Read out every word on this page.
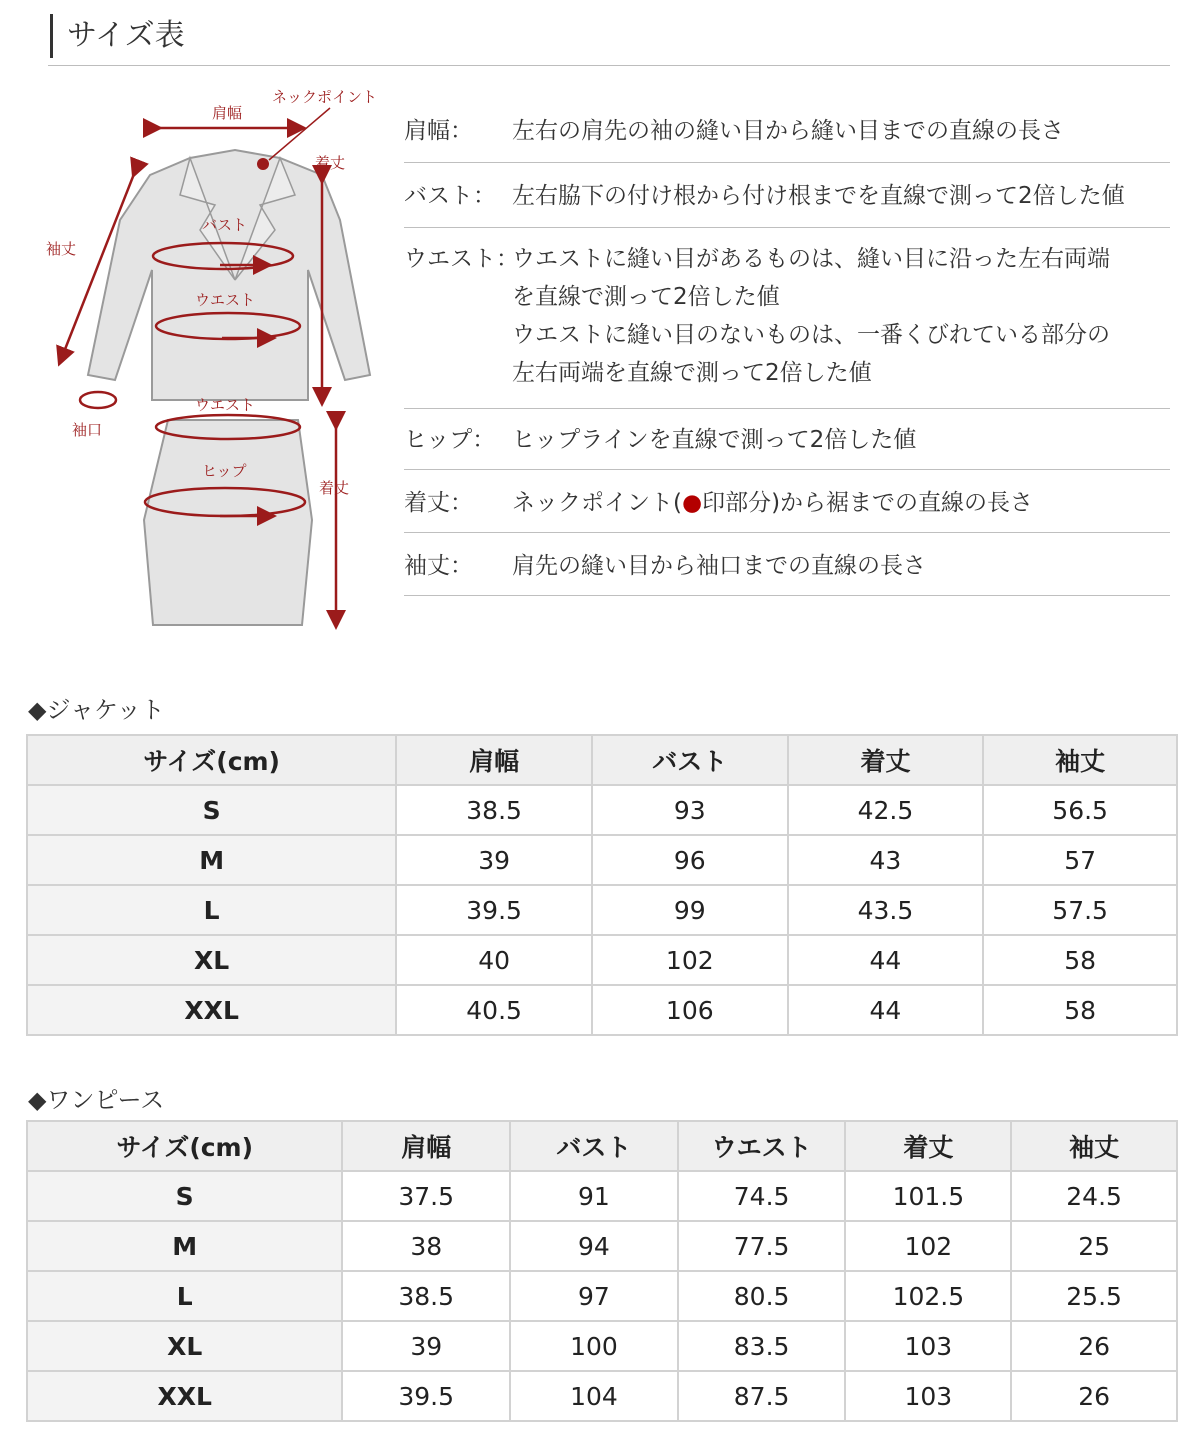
サイズ表
肩幅
ネックポイント
着丈
袖丈
バスト
ウエスト
袖口
ウエスト
ヒップ
着丈
肩幅：	左右の肩先の袖の縫い目から縫い目までの直線の長さ
バスト： 左右脇下の付け根から付け根までを直線で測って2倍した値
ウエスト：
ウエストに縫い目があるものは、縫い目に沿った左右両端
を直線で測って2倍した値
ウエストに縫い目のないものは、一番くびれている部分の
左右両端を直線で測って2倍した値
ヒップ： ヒップラインを直線で測って2倍した値
着丈：	ネックポイント(●印部分)から裾までの直線の長さ
袖丈：	肩先の縫い目から袖口までの直線の長さ
◆ジャケット
サイズ(cm)	肩幅	バスト	着丈	袖丈
S	38.5	93	42.5	56.5
M	39	96	43	57
L	39.5	99	43.5	57.5
XL	40	102	44	58
XXL	40.5	106	44	58
◆ワンピース
サイズ(cm)	肩幅	バスト	ウエスト	着丈	袖丈
S	37.5	91	74.5	101.5	24.5
M	38	94	77.5	102	25
L	38.5	97	80.5	102.5	25.5
XL	39	100	83.5	103	26
XXL	39.5	104	87.5	103	26
